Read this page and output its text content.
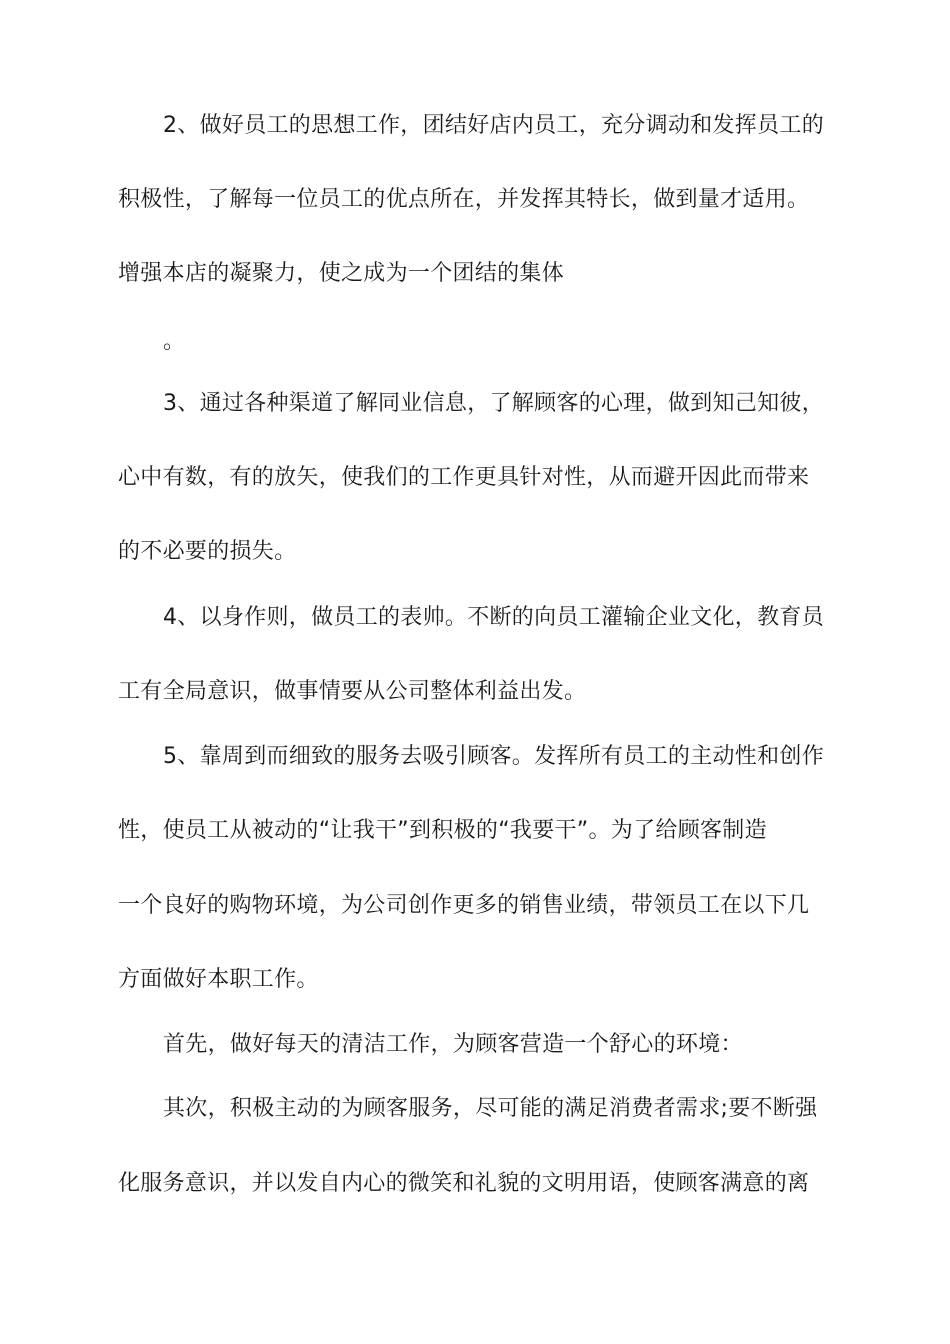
2、做好员工的思想工作，团结好店内员工，充分调动和发挥员工的
积极性，了解每一位员工的优点所在，并发挥其特长，做到量才适用。
增强本店的凝聚力，使之成为一个团结的集体
。
3、通过各种渠道了解同业信息，了解顾客的心理，做到知己知彼，
心中有数，有的放矢，使我们的工作更具针对性，从而避开因此而带来
的不必要的损失。
4、以身作则，做员工的表帅。不断的向员工灌输企业文化，教育员
工有全局意识，做事情要从公司整体利益出发。
5、靠周到而细致的服务去吸引顾客。发挥所有员工的主动性和创作
性，使员工从被动的“让我干”到积极的“我要干”。为了给顾客制造
一个良好的购物环境，为公司创作更多的销售业绩，带领员工在以下几
方面做好本职工作。
首先，做好每天的清洁工作，为顾客营造一个舒心的环境：
其次，积极主动的为顾客服务，尽可能的满足消费者需求;要不断强
化服务意识，并以发自内心的微笑和礼貌的文明用语，使顾客满意的离
